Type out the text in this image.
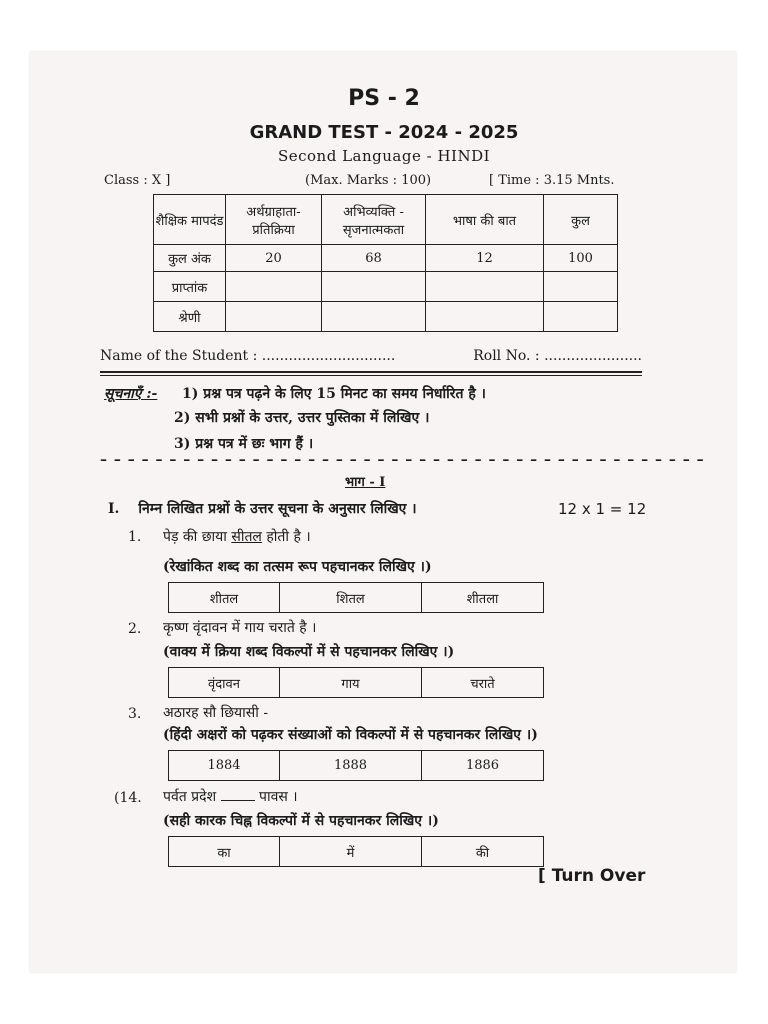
PS - 2
GRAND TEST - 2024 - 2025
Second Language - HINDI
Class : X ]	(Max. Marks : 100)	[ Time : 3.15 Mnts.
शैक्षिक मापदंड	अर्थग्राहाता-प्रतिक्रिया	अभिव्यक्ति - सृजनात्मकता	भाषा की बात	कुल
कुल अंक	20	68	12	100
प्राप्तांक				
श्रेणी				
Name of the Student : ..............................	Roll No. : ......................
सूचनाएँ :- 1) प्रश्न पत्र पढ़ने के लिए 15 मिनट का समय निर्धारित है ।
2) सभी प्रश्नों के उत्तर, उत्तर पुस्तिका में लिखिए ।
3) प्रश्न पत्र में छः भाग हैं ।
– – – – – – – – – – – – – – – – – – – – – – – – – – – – – – – – – – – – – – – – – – – –
भाग - I
I. निम्न लिखित प्रश्नों के उत्तर सूचना के अनुसार लिखिए ।	12 x 1 = 12
1. पेड़ की छाया सीतल होती है ।
(रेखांकित शब्द का तत्सम रूप पहचानकर लिखिए ।)
शीतल	शितल	शीतला
2. कृष्ण वृंदावन में गाय चराते है ।
(वाक्य में क्रिया शब्द विकल्पों में से पहचानकर लिखिए ।)
वृंदावन	गाय	चराते
3. अठारह सौ छियासी -
(हिंदी अक्षरों को पढ़कर संख्याओं को विकल्पों में से पहचानकर लिखिए ।)
1884	1888	1886
(14. पर्वत प्रदेश  पावस ।
(सही कारक चिह्न विकल्पों में से पहचानकर लिखिए ।)
का	में	की
[ Turn Over
